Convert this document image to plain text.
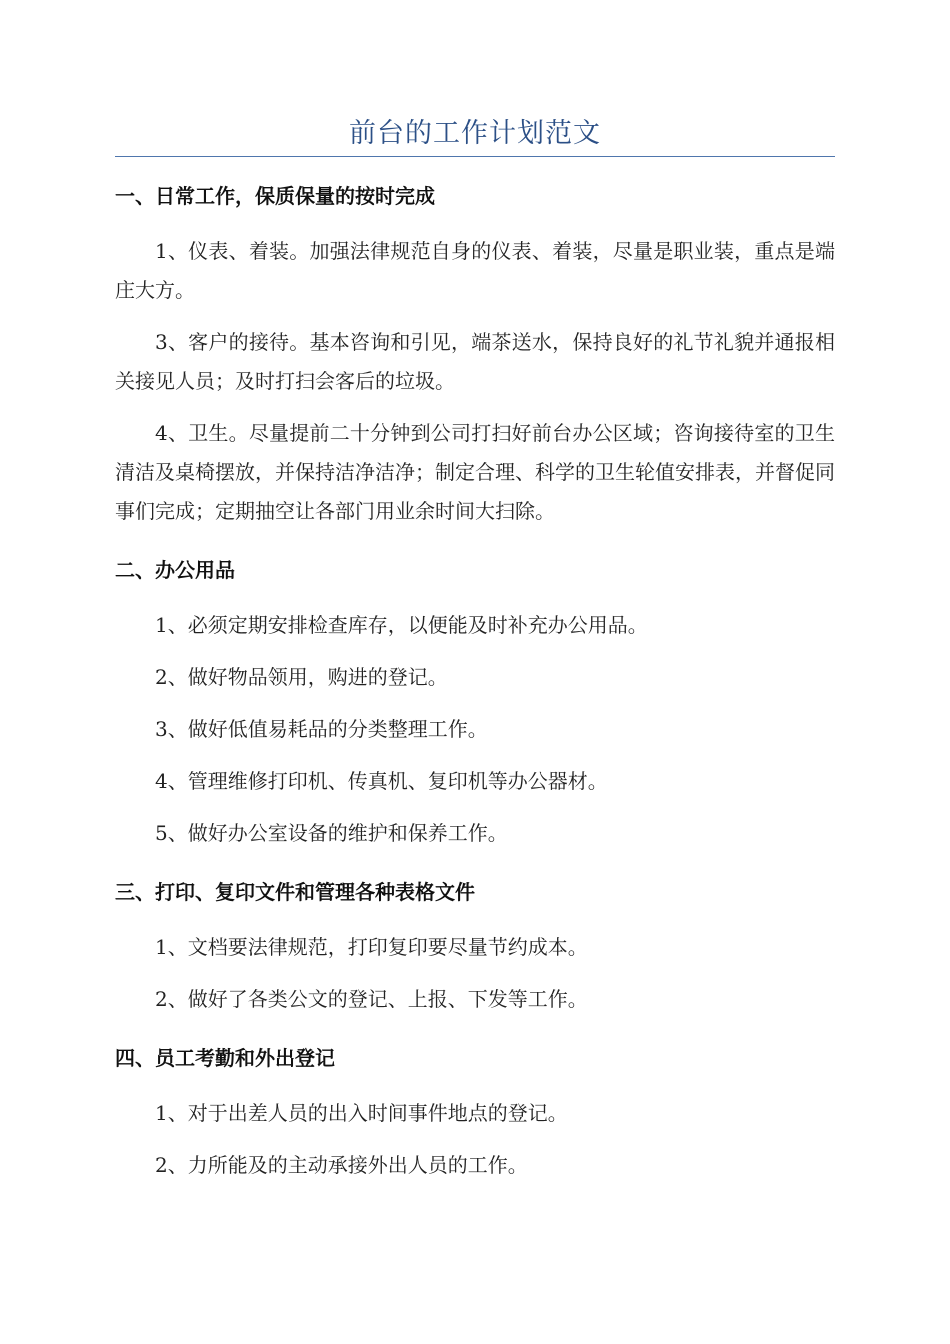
前台的工作计划范文
一、日常工作，保质保量的按时完成

1、仪表、着装。加强法律规范自身的仪表、着装，尽量是职业装，重点是端庄大方。

3、客户的接待。基本咨询和引见，端茶送水，保持良好的礼节礼貌并通报相关接见人员；及时打扫会客后的垃圾。

4、卫生。尽量提前二十分钟到公司打扫好前台办公区域；咨询接待室的卫生清洁及桌椅摆放，并保持洁净洁净；制定合理、科学的卫生轮值安排表，并督促同事们完成；定期抽空让各部门用业余时间大扫除。

二、办公用品

1、必须定期安排检查库存，以便能及时补充办公用品。

2、做好物品领用，购进的登记。

3、做好低值易耗品的分类整理工作。

4、管理维修打印机、传真机、复印机等办公器材。

5、做好办公室设备的维护和保养工作。

三、打印、复印文件和管理各种表格文件

1、文档要法律规范，打印复印要尽量节约成本。

2、做好了各类公文的登记、上报、下发等工作。

四、员工考勤和外出登记

1、对于出差人员的出入时间事件地点的登记。

2、力所能及的主动承接外出人员的工作。
